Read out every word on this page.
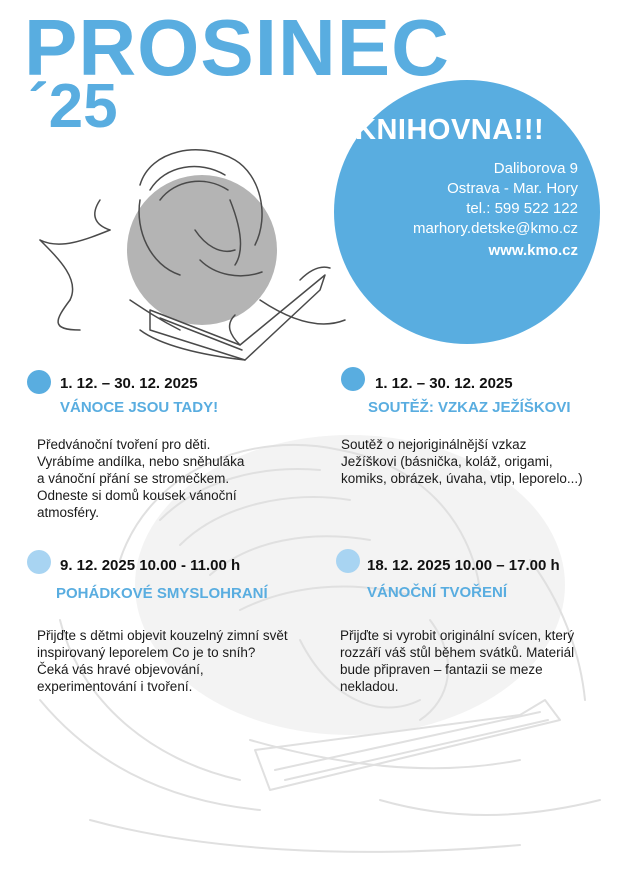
PROSINEC
´25	KNIHOVNA!!!
Daliborova 9
Ostrava - Mar. Hory
tel.: 599 522 122
marhory.detske@kmo.cz
www.kmo.cz
1. 12. – 30. 12. 2025
VÁNOCE JSOU TADY!
Předvánoční tvoření pro děti.
Vyrábíme andílka, nebo sněhuláka
a vánoční přání se stromečkem.
Odneste si domů kousek vánoční
atmosféry.
1. 12. – 30. 12. 2025
SOUTĚŽ: VZKAZ JEŽÍŠKOVI
Soutěž o nejoriginálnější vzkaz
Ježíškovi (básnička, koláž, origami,
komiks, obrázek, úvaha, vtip, leporelo...)
9. 12. 2025 10.00 - 11.00 h
POHÁDKOVÉ SMYSLOHRANÍ
Přijďte s dětmi objevit kouzelný zimní svět
inspirovaný leporelem Co je to sníh?
Čeká vás hravé objevování,
experimentování i tvoření.
18. 12. 2025 10.00 – 17.00 h
VÁNOČNÍ TVOŘENÍ
Přijďte si vyrobit originální svícen, který
rozzáří váš stůl během svátků. Materiál
bude připraven – fantazii se meze
nekladou.
